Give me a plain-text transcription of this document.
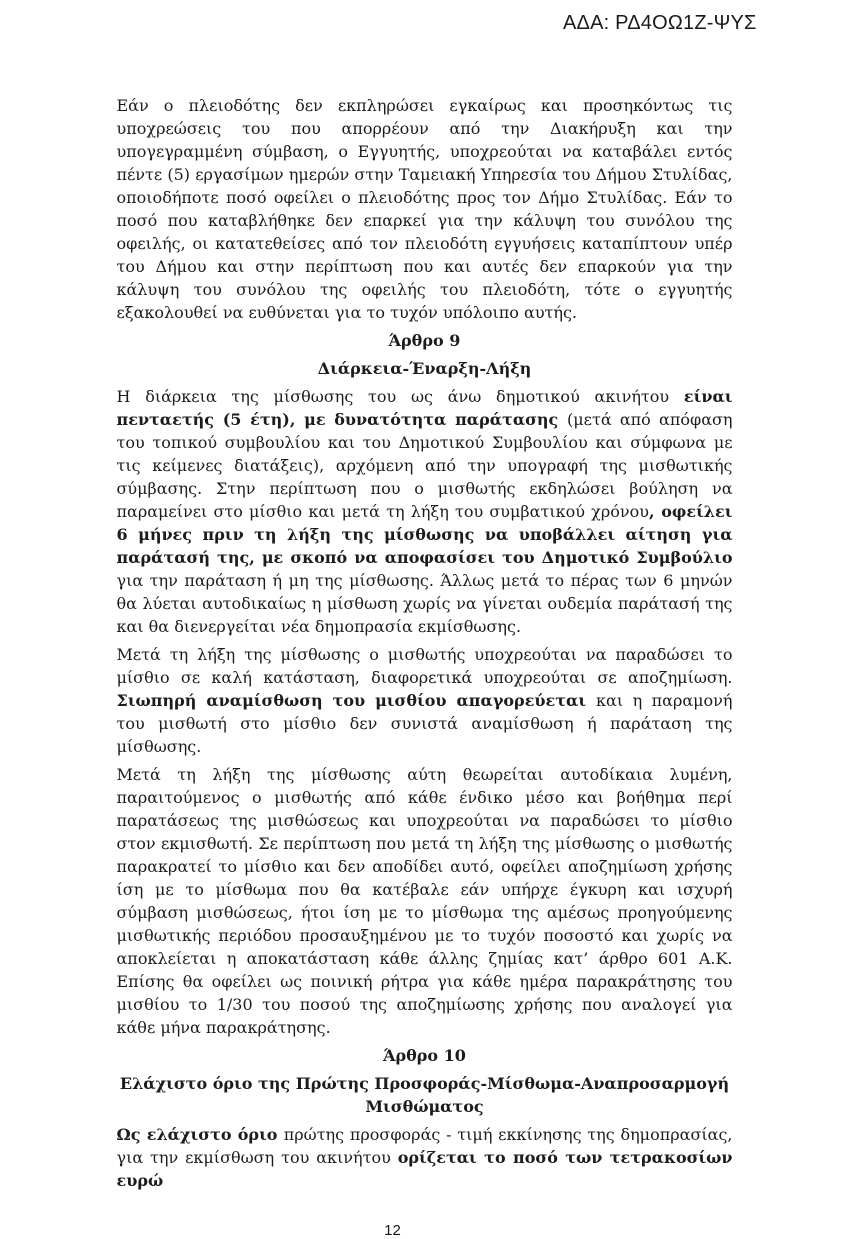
ΑΔΑ: ΡΔ4ΟΩ1Ζ-ΨΥΣ

Εάν ο πλειοδότης δεν εκπληρώσει εγκαίρως και προσηκόντως τις υποχρεώσεις του που απορρέουν από την Διακήρυξη και την υπογεγραμμένη σύμβαση, ο Εγγυητής, υποχρεούται να καταβάλει εντός πέντε (5) εργασίμων ημερών στην Ταμειακή Υπηρεσία του Δήμου Στυλίδας, οποιοδήποτε ποσό οφείλει ο πλειοδότης προς τον Δήμο Στυλίδας. Εάν το ποσό που καταβλήθηκε δεν επαρκεί για την κάλυψη του συνόλου της οφειλής, οι κατατεθείσες από τον πλειοδότη εγγυήσεις καταπίπτουν υπέρ του Δήμου και στην περίπτωση που και αυτές δεν επαρκούν για την κάλυψη του συνόλου της οφειλής του πλειοδότη, τότε ο εγγυητής εξακολουθεί να ευθύνεται για το τυχόν υπόλοιπο αυτής.

Άρθρο 9
Διάρκεια-Έναρξη-Λήξη

Η διάρκεια της μίσθωσης του ως άνω δημοτικού ακινήτου είναι πενταετής (5 έτη), με δυνατότητα παράτασης (μετά από απόφαση του τοπικού συμβουλίου και του Δημοτικού Συμβουλίου και σύμφωνα με τις κείμενες διατάξεις), αρχόμενη από την υπογραφή της μισθωτικής σύμβασης. Στην περίπτωση που ο μισθωτής εκδηλώσει βούληση να παραμείνει στο μίσθιο και μετά τη λήξη του συμβατικού χρόνου, οφείλει 6 μήνες πριν τη λήξη της μίσθωσης να υποβάλλει αίτηση για παράτασή της, με σκοπό να αποφασίσει του Δημοτικό Συμβούλιο για την παράταση ή μη της μίσθωσης. Άλλως μετά το πέρας των 6 μηνών θα λύεται αυτοδικαίως η μίσθωση χωρίς να γίνεται ουδεμία παράτασή της και θα διενεργείται νέα δημοπρασία εκμίσθωσης.

Μετά τη λήξη της μίσθωσης ο μισθωτής υποχρεούται να παραδώσει το μίσθιο σε καλή κατάσταση, διαφορετικά υποχρεούται σε αποζημίωση. Σιωπηρή αναμίσθωση του μισθίου απαγορεύεται και η παραμονή του μισθωτή στο μίσθιο δεν συνιστά αναμίσθωση ή παράταση της μίσθωσης.

Μετά τη λήξη της μίσθωσης αύτη θεωρείται αυτοδίκαια λυμένη, παραιτούμενος ο μισθωτής από κάθε ένδικο μέσο και βοήθημα περί παρατάσεως της μισθώσεως και υποχρεούται να παραδώσει το μίσθιο στον εκμισθωτή. Σε περίπτωση που μετά τη λήξη της μίσθωσης ο μισθωτής παρακρατεί το μίσθιο και δεν αποδίδει αυτό, οφείλει αποζημίωση χρήσης ίση με το μίσθωμα που θα κατέβαλε εάν υπήρχε έγκυρη και ισχυρή σύμβαση μισθώσεως, ήτοι ίση με το μίσθωμα της αμέσως προηγούμενης μισθωτικής περιόδου προσαυξημένου με το τυχόν ποσοστό και χωρίς να αποκλείεται η αποκατάσταση κάθε άλλης ζημίας κατ’ άρθρο 601 Α.Κ. Επίσης θα οφείλει ως ποινική ρήτρα για κάθε ημέρα παρακράτησης του μισθίου το 1/30 του ποσού της αποζημίωσης χρήσης που αναλογεί για κάθε μήνα παρακράτησης.

Άρθρο 10
Ελάχιστο όριο της Πρώτης Προσφοράς-Μίσθωμα-Αναπροσαρμογή Μισθώματος

Ως ελάχιστο όριο πρώτης προσφοράς - τιμή εκκίνησης της δημοπρασίας, για την εκμίσθωση του ακινήτου ορίζεται το ποσό των τετρακοσίων ευρώ

12
